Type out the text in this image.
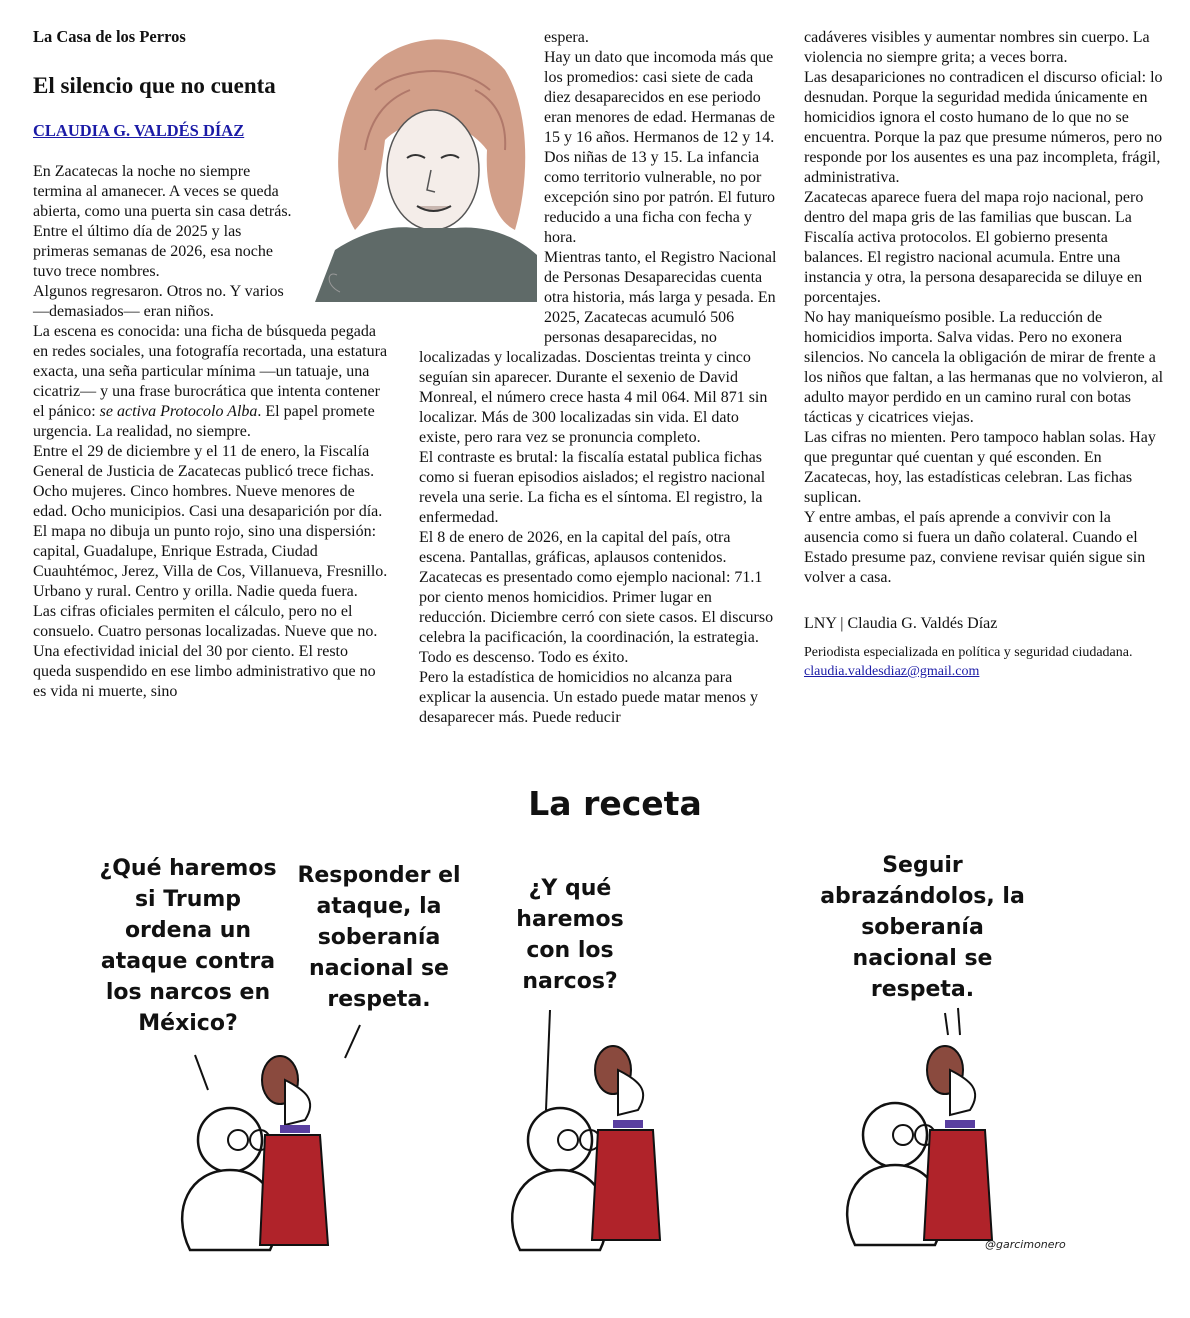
La Casa de los Perros
El silencio que no cuenta
CLAUDIA G. VALDÉS DÍAZ

En Zacatecas la noche no siempre termina al amanecer. A veces se queda abierta, como una puerta sin casa detrás. Entre el último día de 2025 y las primeras semanas de 2026, esa noche tuvo trece nombres.

Algunos regresaron. Otros no. Y varios —demasiados— eran niños.

La escena es conocida: una ficha de búsqueda pegada en redes sociales, una fotografía recortada, una estatura exacta, una seña particular mínima —un tatuaje, una cicatriz— y una frase burocrática que intenta contener el pánico: se activa Protocolo Alba. El papel promete urgencia. La realidad, no siempre.

Entre el 29 de diciembre y el 11 de enero, la Fiscalía General de Justicia de Zacatecas publicó trece fichas. Ocho mujeres. Cinco hombres. Nueve menores de edad. Ocho municipios. Casi una desaparición por día. El mapa no dibuja un punto rojo, sino una dispersión: capital, Guadalupe, Enrique Estrada, Ciudad Cuauhtémoc, Jerez, Villa de Cos, Villanueva, Fresnillo. Urbano y rural. Centro y orilla. Nadie queda fuera.

Las cifras oficiales permiten el cálculo, pero no el consuelo. Cuatro personas localizadas. Nueve que no. Una efectividad inicial del 30 por ciento. El resto queda suspendido en ese limbo administrativo que no es vida ni muerte, sino

espera.

Hay un dato que incomoda más que los promedios: casi siete de cada diez desaparecidos en ese periodo eran menores de edad. Hermanas de 15 y 16 años. Hermanos de 12 y 14. Dos niñas de 13 y 15. La infancia como territorio vulnerable, no por excepción sino por patrón. El futuro reducido a una ficha con fecha y hora.

Mientras tanto, el Registro Nacional de Personas Desaparecidas cuenta otra historia, más larga y pesada. En 2025, Zacatecas acumuló 506 personas desaparecidas, no localizadas y localizadas. Doscientas treinta y cinco seguían sin aparecer. Durante el sexenio de David Monreal, el número crece hasta 4 mil 064. Mil 871 sin localizar. Más de 300 localizadas sin vida. El dato existe, pero rara vez se pronuncia completo.

El contraste es brutal: la fiscalía estatal publica fichas como si fueran episodios aislados; el registro nacional revela una serie. La ficha es el síntoma. El registro, la enfermedad.

El 8 de enero de 2026, en la capital del país, otra escena. Pantallas, gráficas, aplausos contenidos. Zacatecas es presentado como ejemplo nacional: 71.1 por ciento menos homicidios. Primer lugar en reducción. Diciembre cerró con siete casos. El discurso celebra la pacificación, la coordinación, la estrategia. Todo es descenso. Todo es éxito.

Pero la estadística de homicidios no alcanza para explicar la ausencia. Un estado puede matar menos y desaparecer más. Puede reducir

cadáveres visibles y aumentar nombres sin cuerpo. La violencia no siempre grita; a veces borra.

Las desapariciones no contradicen el discurso oficial: lo desnudan. Porque la seguridad medida únicamente en homicidios ignora el costo humano de lo que no se encuentra. Porque la paz que presume números, pero no responde por los ausentes es una paz incompleta, frágil, administrativa.

Zacatecas aparece fuera del mapa rojo nacional, pero dentro del mapa gris de las familias que buscan. La Fiscalía activa protocolos. El gobierno presenta balances. El registro nacional acumula. Entre una instancia y otra, la persona desaparecida se diluye en porcentajes.

No hay maniqueísmo posible. La reducción de homicidios importa. Salva vidas. Pero no exonera silencios. No cancela la obligación de mirar de frente a los niños que faltan, a las hermanas que no volvieron, al adulto mayor perdido en un camino rural con botas tácticas y cicatrices viejas.

Las cifras no mienten. Pero tampoco hablan solas. Hay que preguntar qué cuentan y qué esconden. En Zacatecas, hoy, las estadísticas celebran. Las fichas suplican.

Y entre ambas, el país aprende a convivir con la ausencia como si fuera un daño colateral. Cuando el Estado presume paz, conviene revisar quién sigue sin volver a casa.

LNY | Claudia G. Valdés Díaz

Periodista especializada en política y seguridad ciudadana.

claudia.valdesdiaz@gmail.com
La receta
¿Qué haremos si Trump ordena un ataque contra los narcos en México?
Responder el ataque, la soberanía nacional se respeta.
¿Y qué haremos con los narcos?
Seguir abrazándolos, la soberanía nacional se respeta.
@garcimonero
